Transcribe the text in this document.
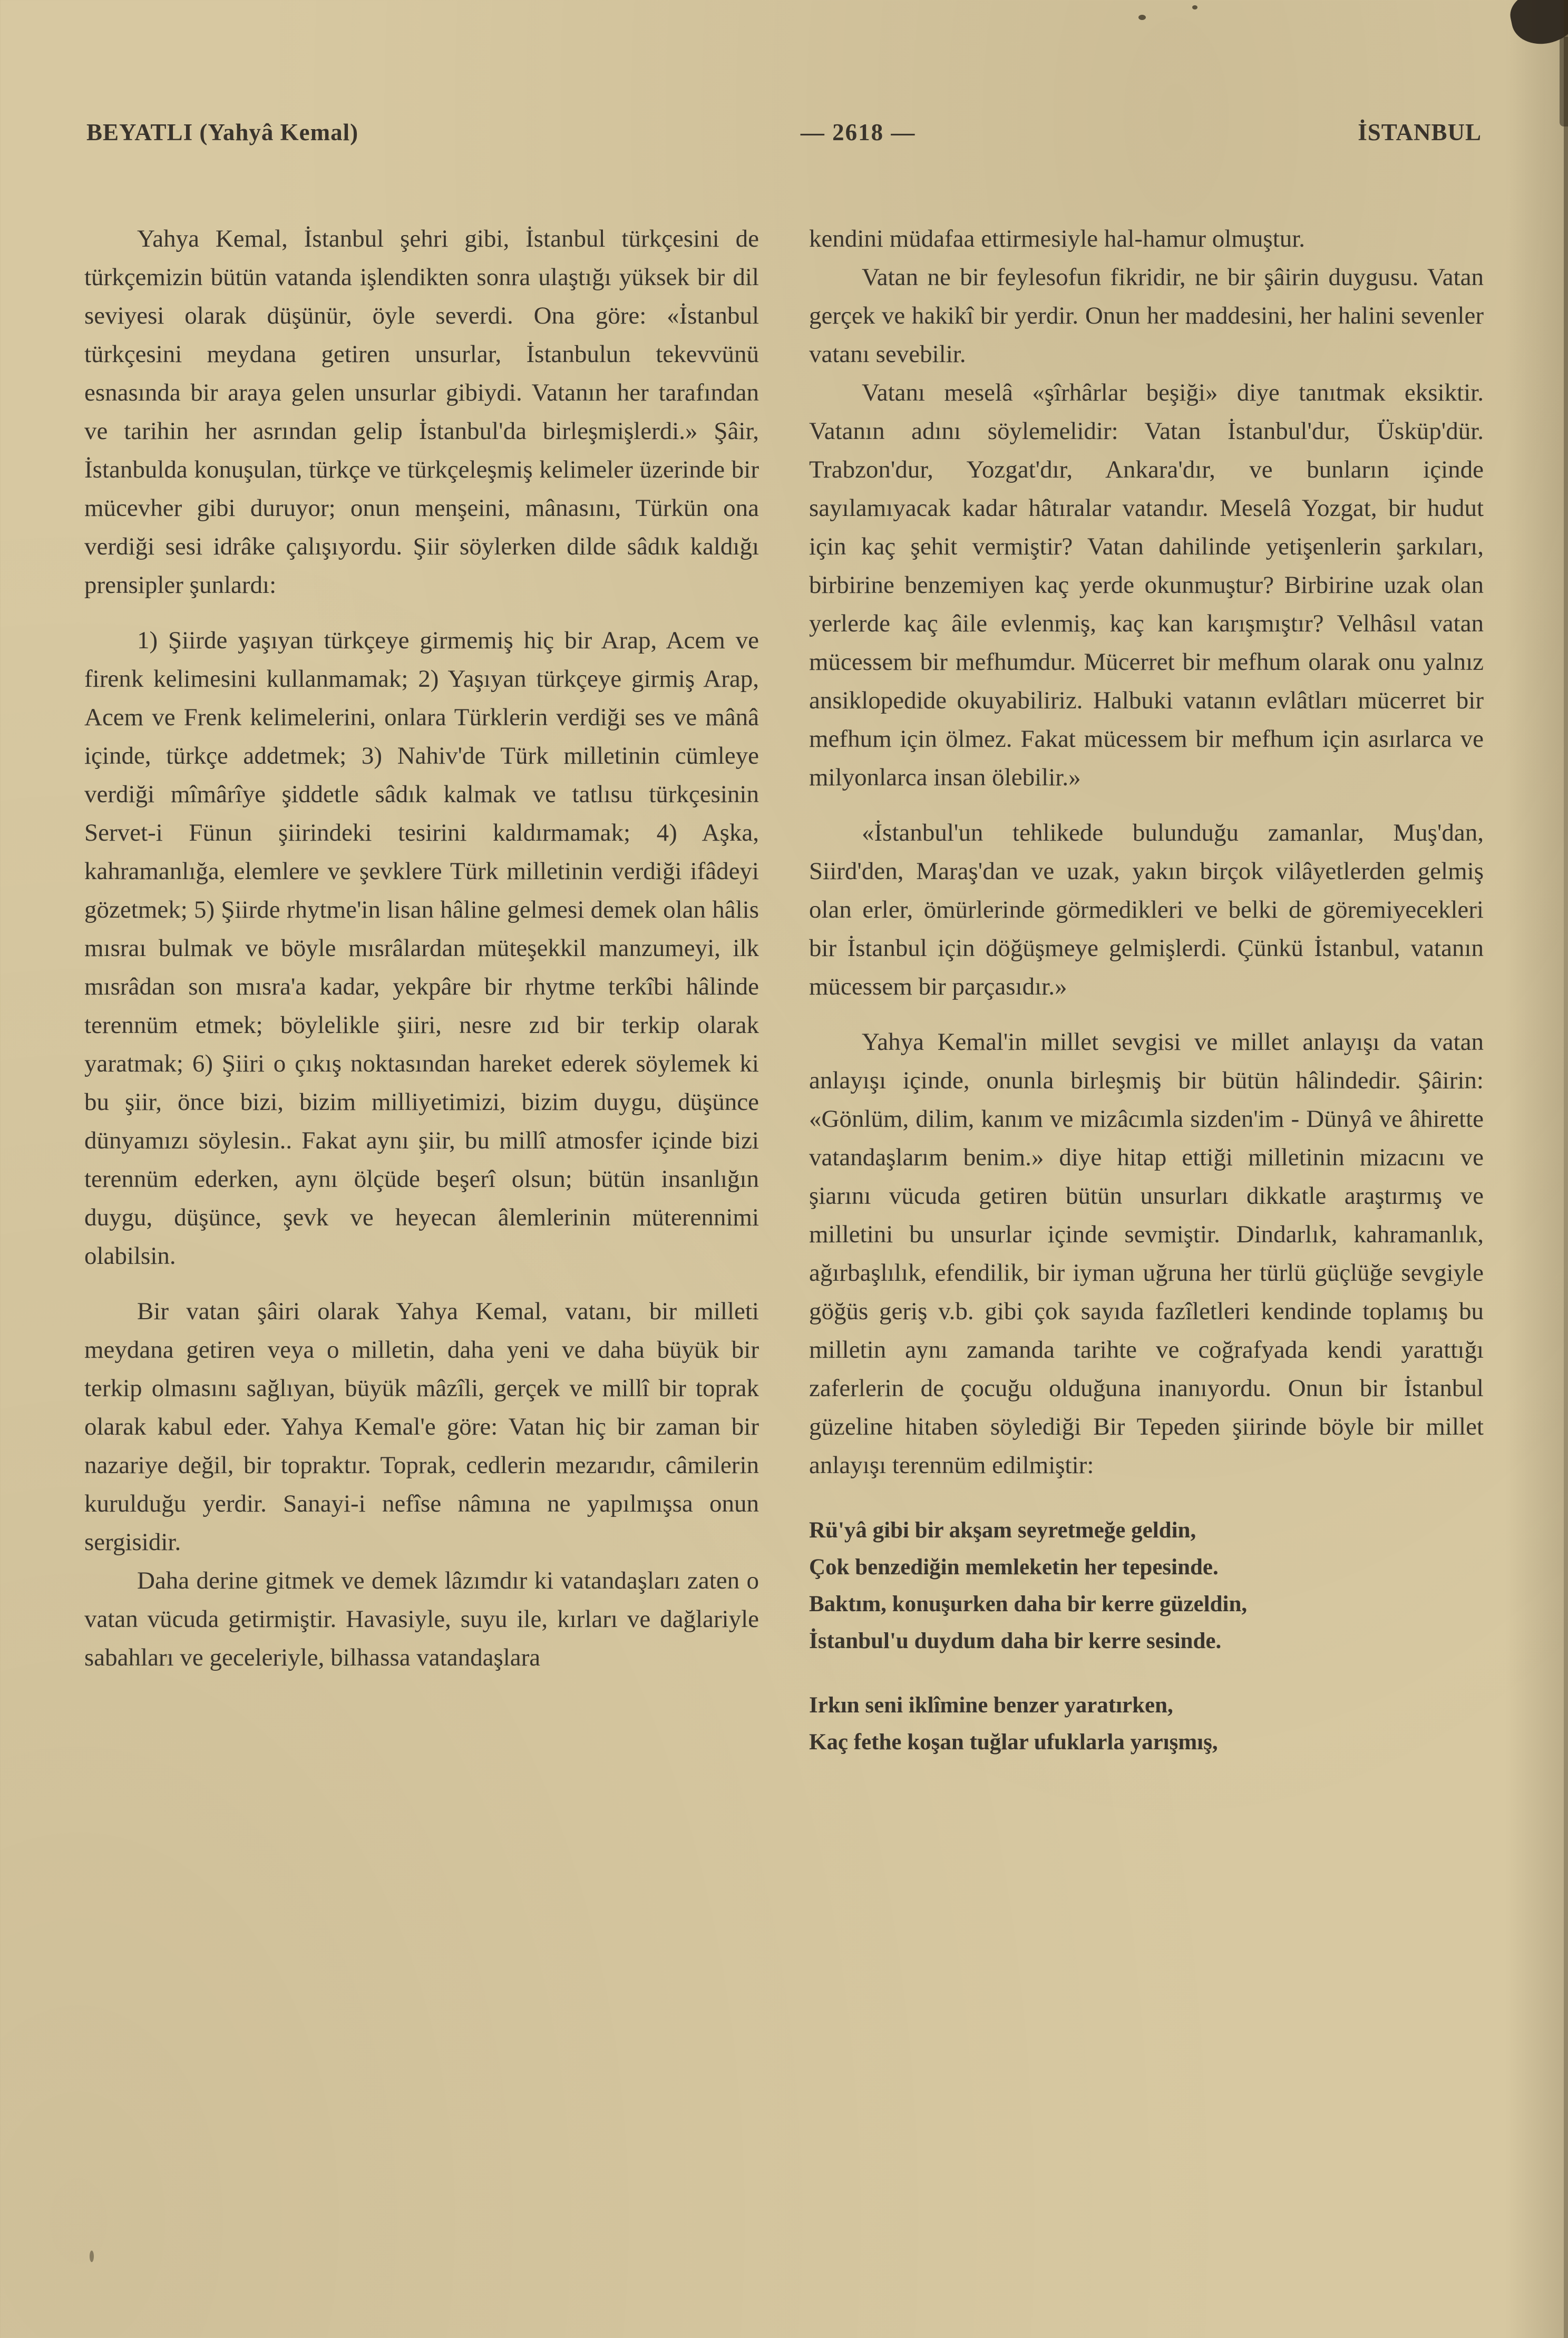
BEYATLI (Yahyâ Kemal)	— 2618 —	İSTANBUL

Yahya Kemal, İstanbul şehri gibi, İstanbul türkçesini de türkçemizin bütün vatanda işlendikten sonra ulaştığı yüksek bir dil seviyesi olarak düşünür, öyle severdi. Ona göre: «İstanbul türkçesini meydana getiren unsurlar, İstanbulun tekevvünü esnasında bir araya gelen unsurlar gibiydi. Vatanın her tarafından ve tarihin her asrından gelip İstanbul'da birleşmişlerdi.» Şâir, İstanbulda konuşulan, türkçe ve türkçeleşmiş kelimeler üzerinde bir mücevher gibi duruyor; onun menşeini, mânasını, Türkün ona verdiği sesi idrâke çalışıyordu. Şiir söylerken dilde sâdık kaldığı prensipler şunlardı:

1) Şiirde yaşıyan türkçeye girmemiş hiç bir Arap, Acem ve firenk kelimesini kullanmamak; 2) Yaşıyan türkçeye girmiş Arap, Acem ve Frenk kelimelerini, onlara Türklerin verdiği ses ve mânâ içinde, türkçe addetmek; 3) Nahiv'de Türk milletinin cümleye verdiği mîmârîye şiddetle sâdık kalmak ve tatlısu türkçesinin Servet-i Fünun şiirindeki tesirini kaldırmamak; 4) Aşka, kahramanlığa, elemlere ve şevklere Türk milletinin verdiği ifâdeyi gözetmek; 5) Şiirde rhytme'in lisan hâline gelmesi demek olan hâlis mısraı bulmak ve böyle mısrâlardan müteşekkil manzumeyi, ilk mısrâdan son mısra'a kadar, yekpâre bir rhytme terkîbi hâlinde terennüm etmek; böylelikle şiiri, nesre zıd bir terkip olarak yaratmak; 6) Şiiri o çıkış noktasından hareket ederek söylemek ki bu şiir, önce bizi, bizim milliyetimizi, bizim duygu, düşünce dünyamızı söylesin.. Fakat aynı şiir, bu millî atmosfer içinde bizi terennüm ederken, aynı ölçüde beşerî olsun; bütün insanlığın duygu, düşünce, şevk ve heyecan âlemlerinin müterennimi olabilsin.

Bir vatan şâiri olarak Yahya Kemal, vatanı, bir milleti meydana getiren veya o milletin, daha yeni ve daha büyük bir terkip olmasını sağlıyan, büyük mâzîli, gerçek ve millî bir toprak olarak kabul eder. Yahya Kemal'e göre: Vatan hiç bir zaman bir nazariye değil, bir topraktır. Toprak, cedlerin mezarıdır, câmilerin kurulduğu yerdir. Sanayi-i nefîse nâmına ne yapılmışsa onun sergisidir.

Daha derine gitmek ve demek lâzımdır ki vatandaşları zaten o vatan vücuda getirmiştir. Havasiyle, suyu ile, kırları ve dağlariyle sabahları ve geceleriyle, bilhassa vatandaşlara

kendini müdafaa ettirmesiyle hal-hamur olmuştur.

Vatan ne bir feylesofun fikridir, ne bir şâirin duygusu. Vatan gerçek ve hakikî bir yerdir. Onun her maddesini, her halini sevenler vatanı sevebilir.

Vatanı meselâ «şîrhârlar beşiği» diye tanıtmak eksiktir. Vatanın adını söylemelidir: Vatan İstanbul'dur, Üsküp'dür. Trabzon'dur, Yozgat'dır, Ankara'dır, ve bunların içinde sayılamıyacak kadar hâtıralar vatandır. Meselâ Yozgat, bir hudut için kaç şehit vermiştir? Vatan dahilinde yetişenlerin şarkıları, birbirine benzemiyen kaç yerde okunmuştur? Birbirine uzak olan yerlerde kaç âile evlenmiş, kaç kan karışmıştır? Velhâsıl vatan mücessem bir mefhumdur. Mücerret bir mefhum olarak onu yalnız ansiklopedide okuyabiliriz. Halbuki vatanın evlâtları mücerret bir mefhum için ölmez. Fakat mücessem bir mefhum için asırlarca ve milyonlarca insan ölebilir.»

«İstanbul'un tehlikede bulunduğu zamanlar, Muş'dan, Siird'den, Maraş'dan ve uzak, yakın birçok vilâyetlerden gelmiş olan erler, ömürlerinde görmedikleri ve belki de göremiyecekleri bir İstanbul için döğüşmeye gelmişlerdi. Çünkü İstanbul, vatanın mücessem bir parçasıdır.»

Yahya Kemal'in millet sevgisi ve millet anlayışı da vatan anlayışı içinde, onunla birleşmiş bir bütün hâlindedir. Şâirin: «Gönlüm, dilim, kanım ve mizâcımla sizden'im - Dünyâ ve âhirette vatandaşlarım benim.» diye hitap ettiği milletinin mizacını ve şiarını vücuda getiren bütün unsurları dikkatle araştırmış ve milletini bu unsurlar içinde sevmiştir. Dindarlık, kahramanlık, ağırbaşlılık, efendilik, bir iyman uğruna her türlü güçlüğe sevgiyle göğüs geriş v.b. gibi çok sayıda fazîletleri kendinde toplamış bu milletin aynı zamanda tarihte ve coğrafyada kendi yarattığı zaferlerin de çocuğu olduğuna inanıyordu. Onun bir İstanbul güzeline hitaben söylediği Bir Tepeden şiirinde böyle bir millet anlayışı terennüm edilmiştir:

Rü'yâ gibi bir akşam seyretmeğe geldin,

Çok benzediğin memleketin her tepesinde.

Baktım, konuşurken daha bir kerre güzeldin,

İstanbul'u duydum daha bir kerre sesinde.

Irkın seni iklîmine benzer yaratırken,

Kaç fethe koşan tuğlar ufuklarla yarışmış,
